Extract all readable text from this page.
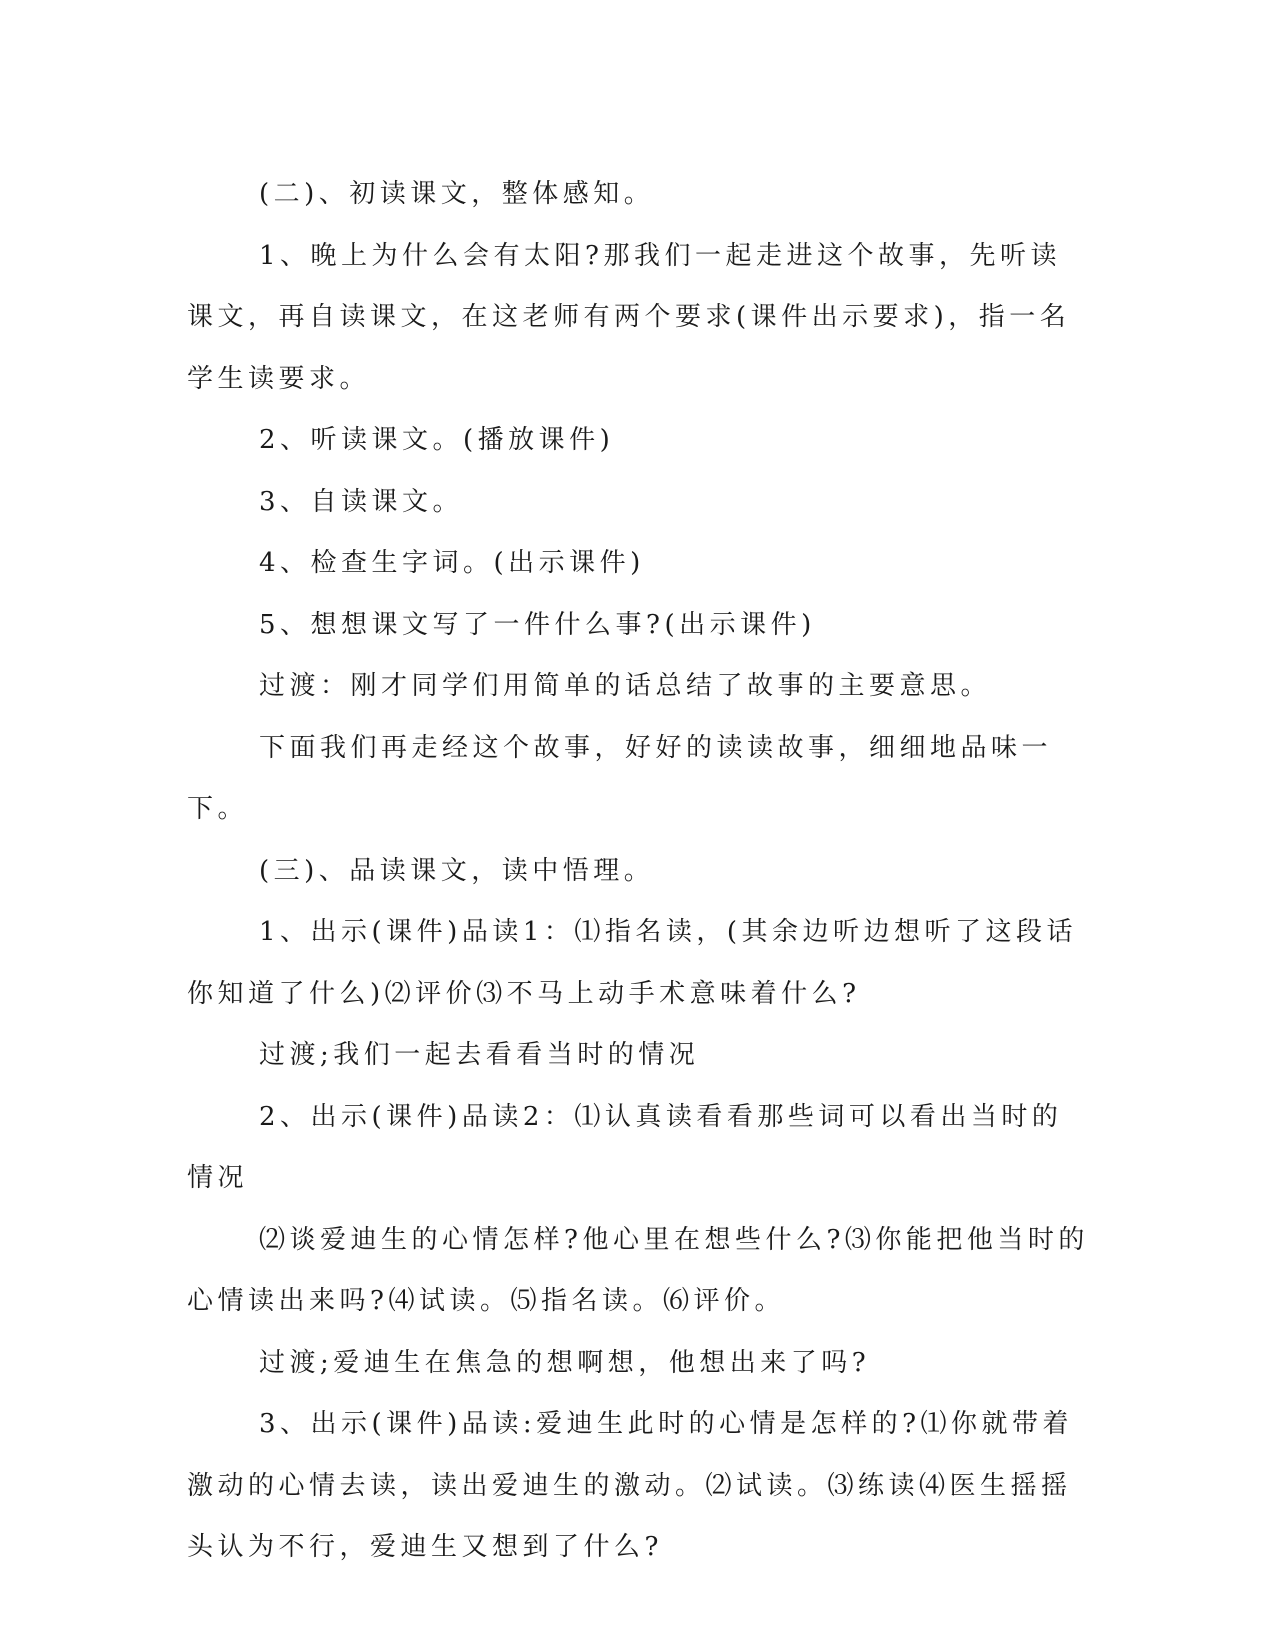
(二)、初读课文，整体感知。

1、晚上为什么会有太阳?那我们一起走进这个故事，先听读课文，再自读课文，在这老师有两个要求(课件出示要求)，指一名学生读要求。

2、听读课文。(播放课件)

3、自读课文。

4、检查生字词。(出示课件)

5、想想课文写了一件什么事?(出示课件)

过渡：刚才同学们用简单的话总结了故事的主要意思。

下面我们再走经这个故事，好好的读读故事，细细地品味一下。

(三)、品读课文，读中悟理。

1、出示(课件)品读1：⑴指名读，(其余边听边想听了这段话你知道了什么)⑵评价⑶不马上动手术意味着什么?

过渡;我们一起去看看当时的情况

2、出示(课件)品读2：⑴认真读看看那些词可以看出当时的情况

⑵谈爱迪生的心情怎样?他心里在想些什么?⑶你能把他当时的心情读出来吗?⑷试读。⑸指名读。⑹评价。

过渡;爱迪生在焦急的想啊想，他想出来了吗?

3、出示(课件)品读:爱迪生此时的心情是怎样的?⑴你就带着激动的心情去读，读出爱迪生的激动。⑵试读。⑶练读⑷医生摇摇头认为不行，爱迪生又想到了什么?
